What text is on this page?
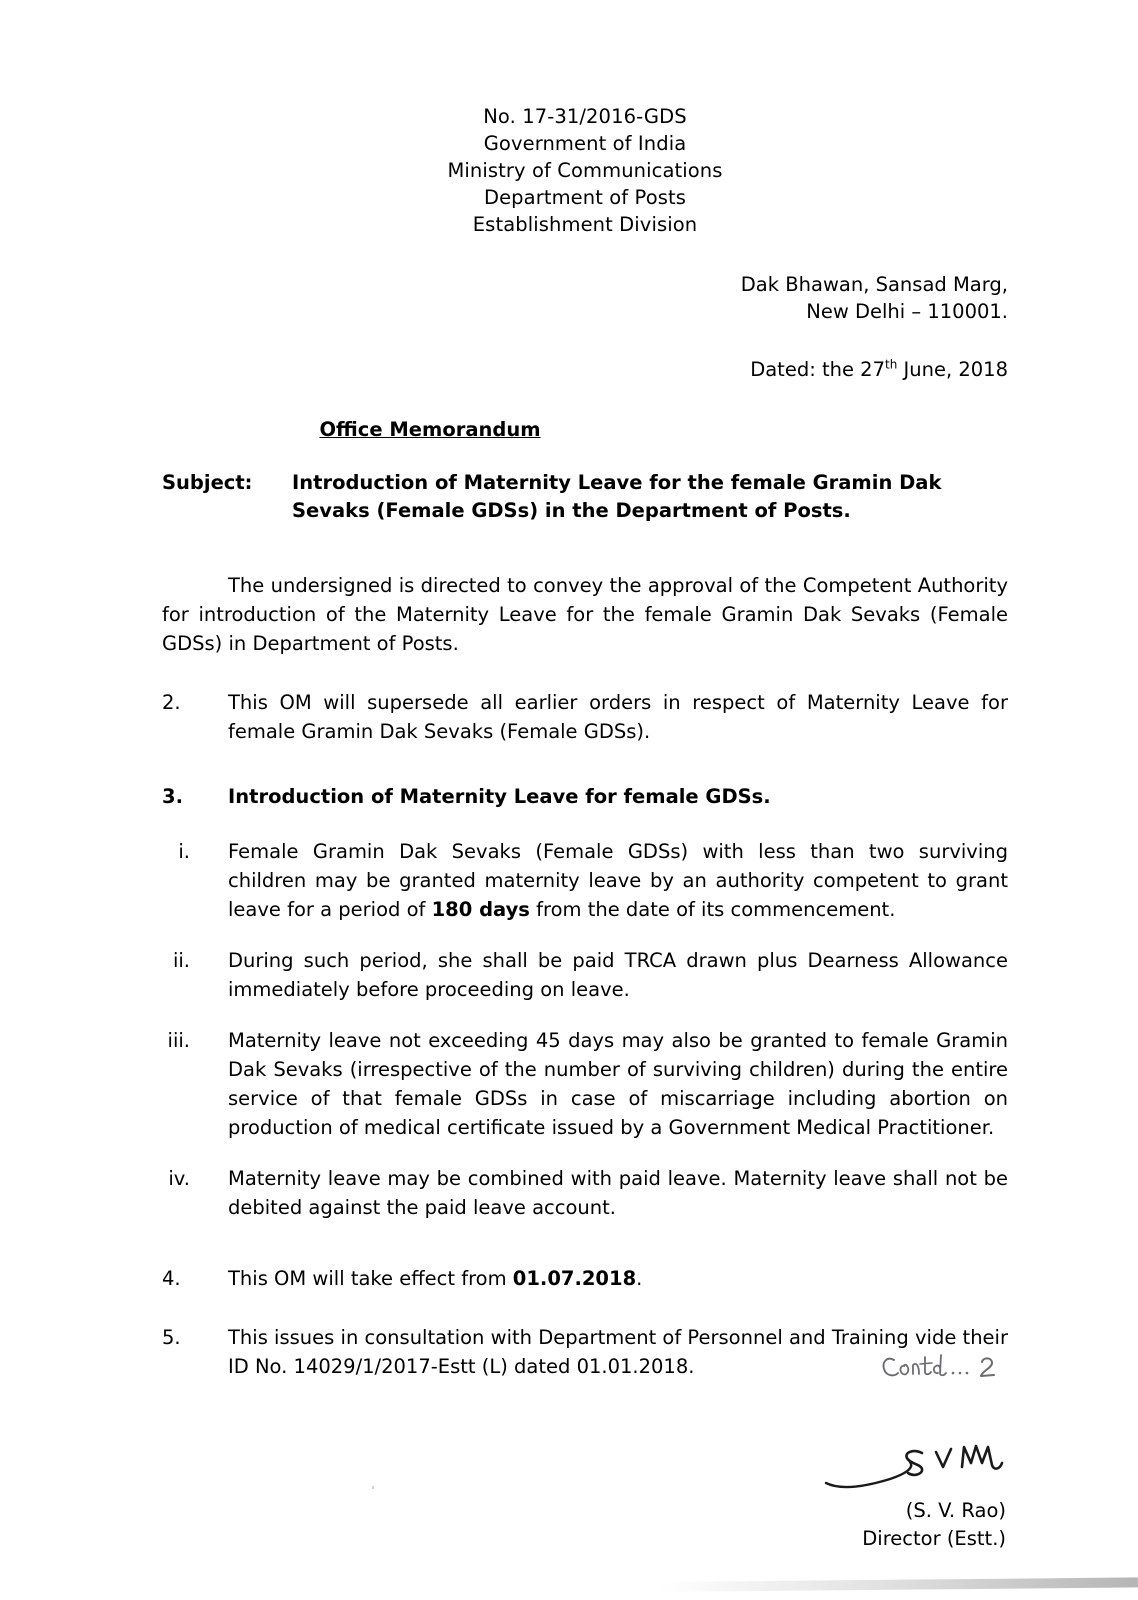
No. 17-31/2016-GDS
Government of India
Ministry of Communications
Department of Posts
Establishment Division
Dak Bhawan, Sansad Marg,
New Delhi – 110001.
Dated: the 27th June, 2018
Office Memorandum
Subject:	Introduction of Maternity Leave for the female Gramin Dak Sevaks (Female GDSs) in the Department of Posts.
The undersigned is directed to convey the approval of the Competent Authority for introduction of the Maternity Leave for the female Gramin Dak Sevaks (Female GDSs) in Department of Posts.
2.	This OM will supersede all earlier orders in respect of Maternity Leave for female Gramin Dak Sevaks (Female GDSs).
3.	Introduction of Maternity Leave for female GDSs.
i.	Female Gramin Dak Sevaks (Female GDSs) with less than two surviving children may be granted maternity leave by an authority competent to grant leave for a period of 180 days from the date of its commencement.
ii.	During such period, she shall be paid TRCA drawn plus Dearness Allowance immediately before proceeding on leave.
iii.	Maternity leave not exceeding 45 days may also be granted to female Gramin Dak Sevaks (irrespective of the number of surviving children) during the entire service of that female GDSs in case of miscarriage including abortion on production of medical certificate issued by a Government Medical Practitioner.
iv.	Maternity leave may be combined with paid leave. Maternity leave shall not be debited against the paid leave account.
4.	This OM will take effect from 01.07.2018.
5.	This issues in consultation with Department of Personnel and Training vide their ID No. 14029/1/2017-Estt (L) dated 01.01.2018.
(S. V. Rao)
Director (Estt.)
